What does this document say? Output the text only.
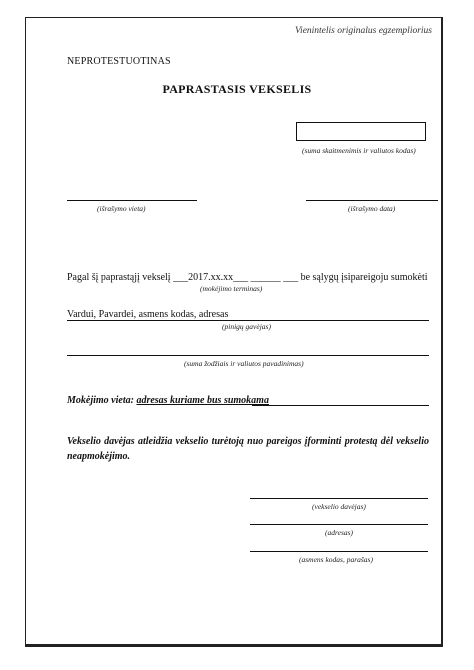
Vienintelis originalus egzempliorius
NEPROTESTUOTINAS
PAPRASTASIS VEKSELIS
(suma skaitmenimis ir valiutos kodas)
(išrašymo vieta)	(išrašymo data)
Pagal šį paprastąjį vekselį ___2017.xx.xx___ ______ ___ be sąlygų įsipareigoju sumokėti
(mokėjimo terminas)
Vardui, Pavardei, asmens kodas, adresas
(pinigų gavėjas)
(suma žodžiais ir valiutos pavadinimas)
Mokėjimo vieta: adresas kuriame bus sumokama
Vekselio davėjas atleidžia vekselio turėtoją nuo pareigos įforminti protestą dėl vekselio neapmokėjimo.
(vekselio davėjas)
(adresas)
(asmens kodas, parašas)
